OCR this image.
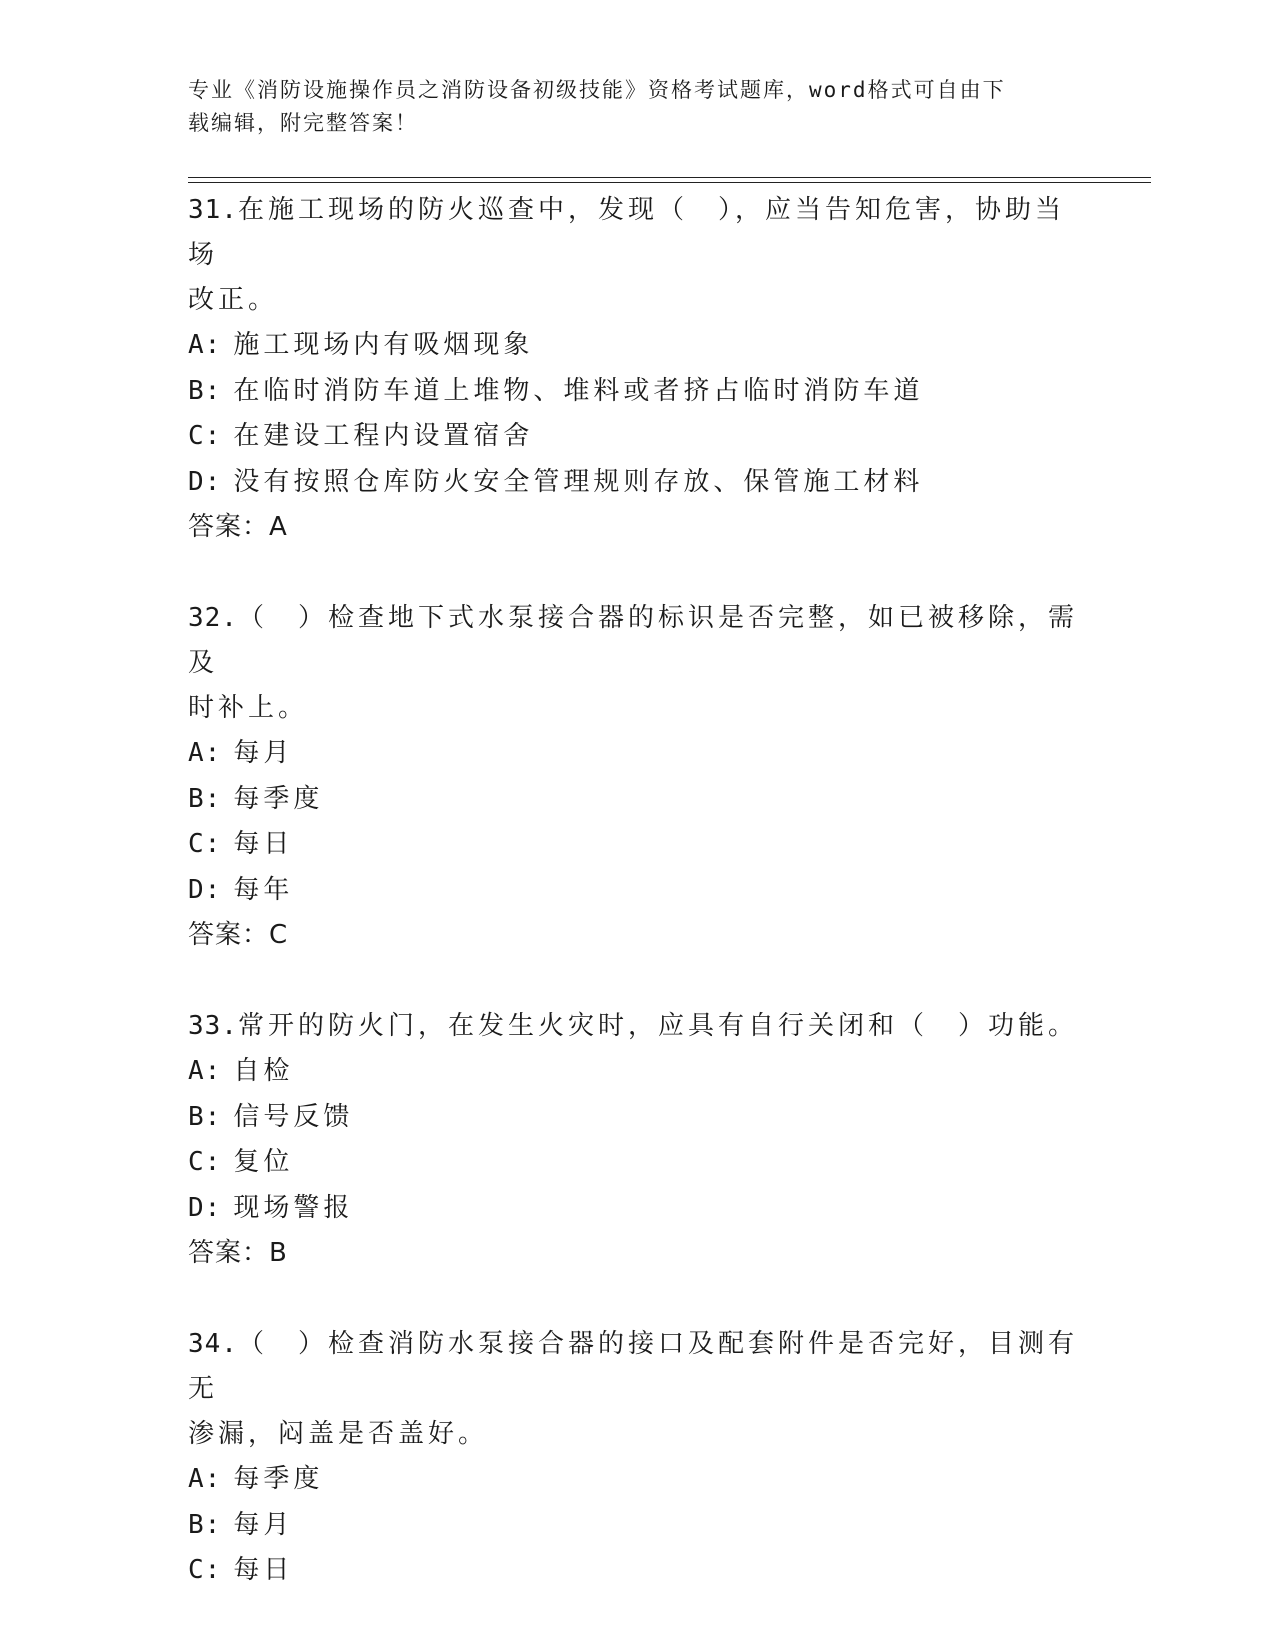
专业《消防设施操作员之消防设备初级技能》资格考试题库，word格式可自由下
载编辑，附完整答案！
31.在施工现场的防火巡查中，发现（　），应当告知危害，协助当场
改正。
A: 施工现场内有吸烟现象
B: 在临时消防车道上堆物、堆料或者挤占临时消防车道
C: 在建设工程内设置宿舍
D: 没有按照仓库防火安全管理规则存放、保管施工材料
答案：A
32.（　）检查地下式水泵接合器的标识是否完整，如已被移除，需及
时补上。
A: 每月
B: 每季度
C: 每日
D: 每年
答案：C
33.常开的防火门，在发生火灾时，应具有自行关闭和（　）功能。
A: 自检
B: 信号反馈
C: 复位
D: 现场警报
答案：B
34.（　）检查消防水泵接合器的接口及配套附件是否完好，目测有无
渗漏，闷盖是否盖好。
A: 每季度
B: 每月
C: 每日
